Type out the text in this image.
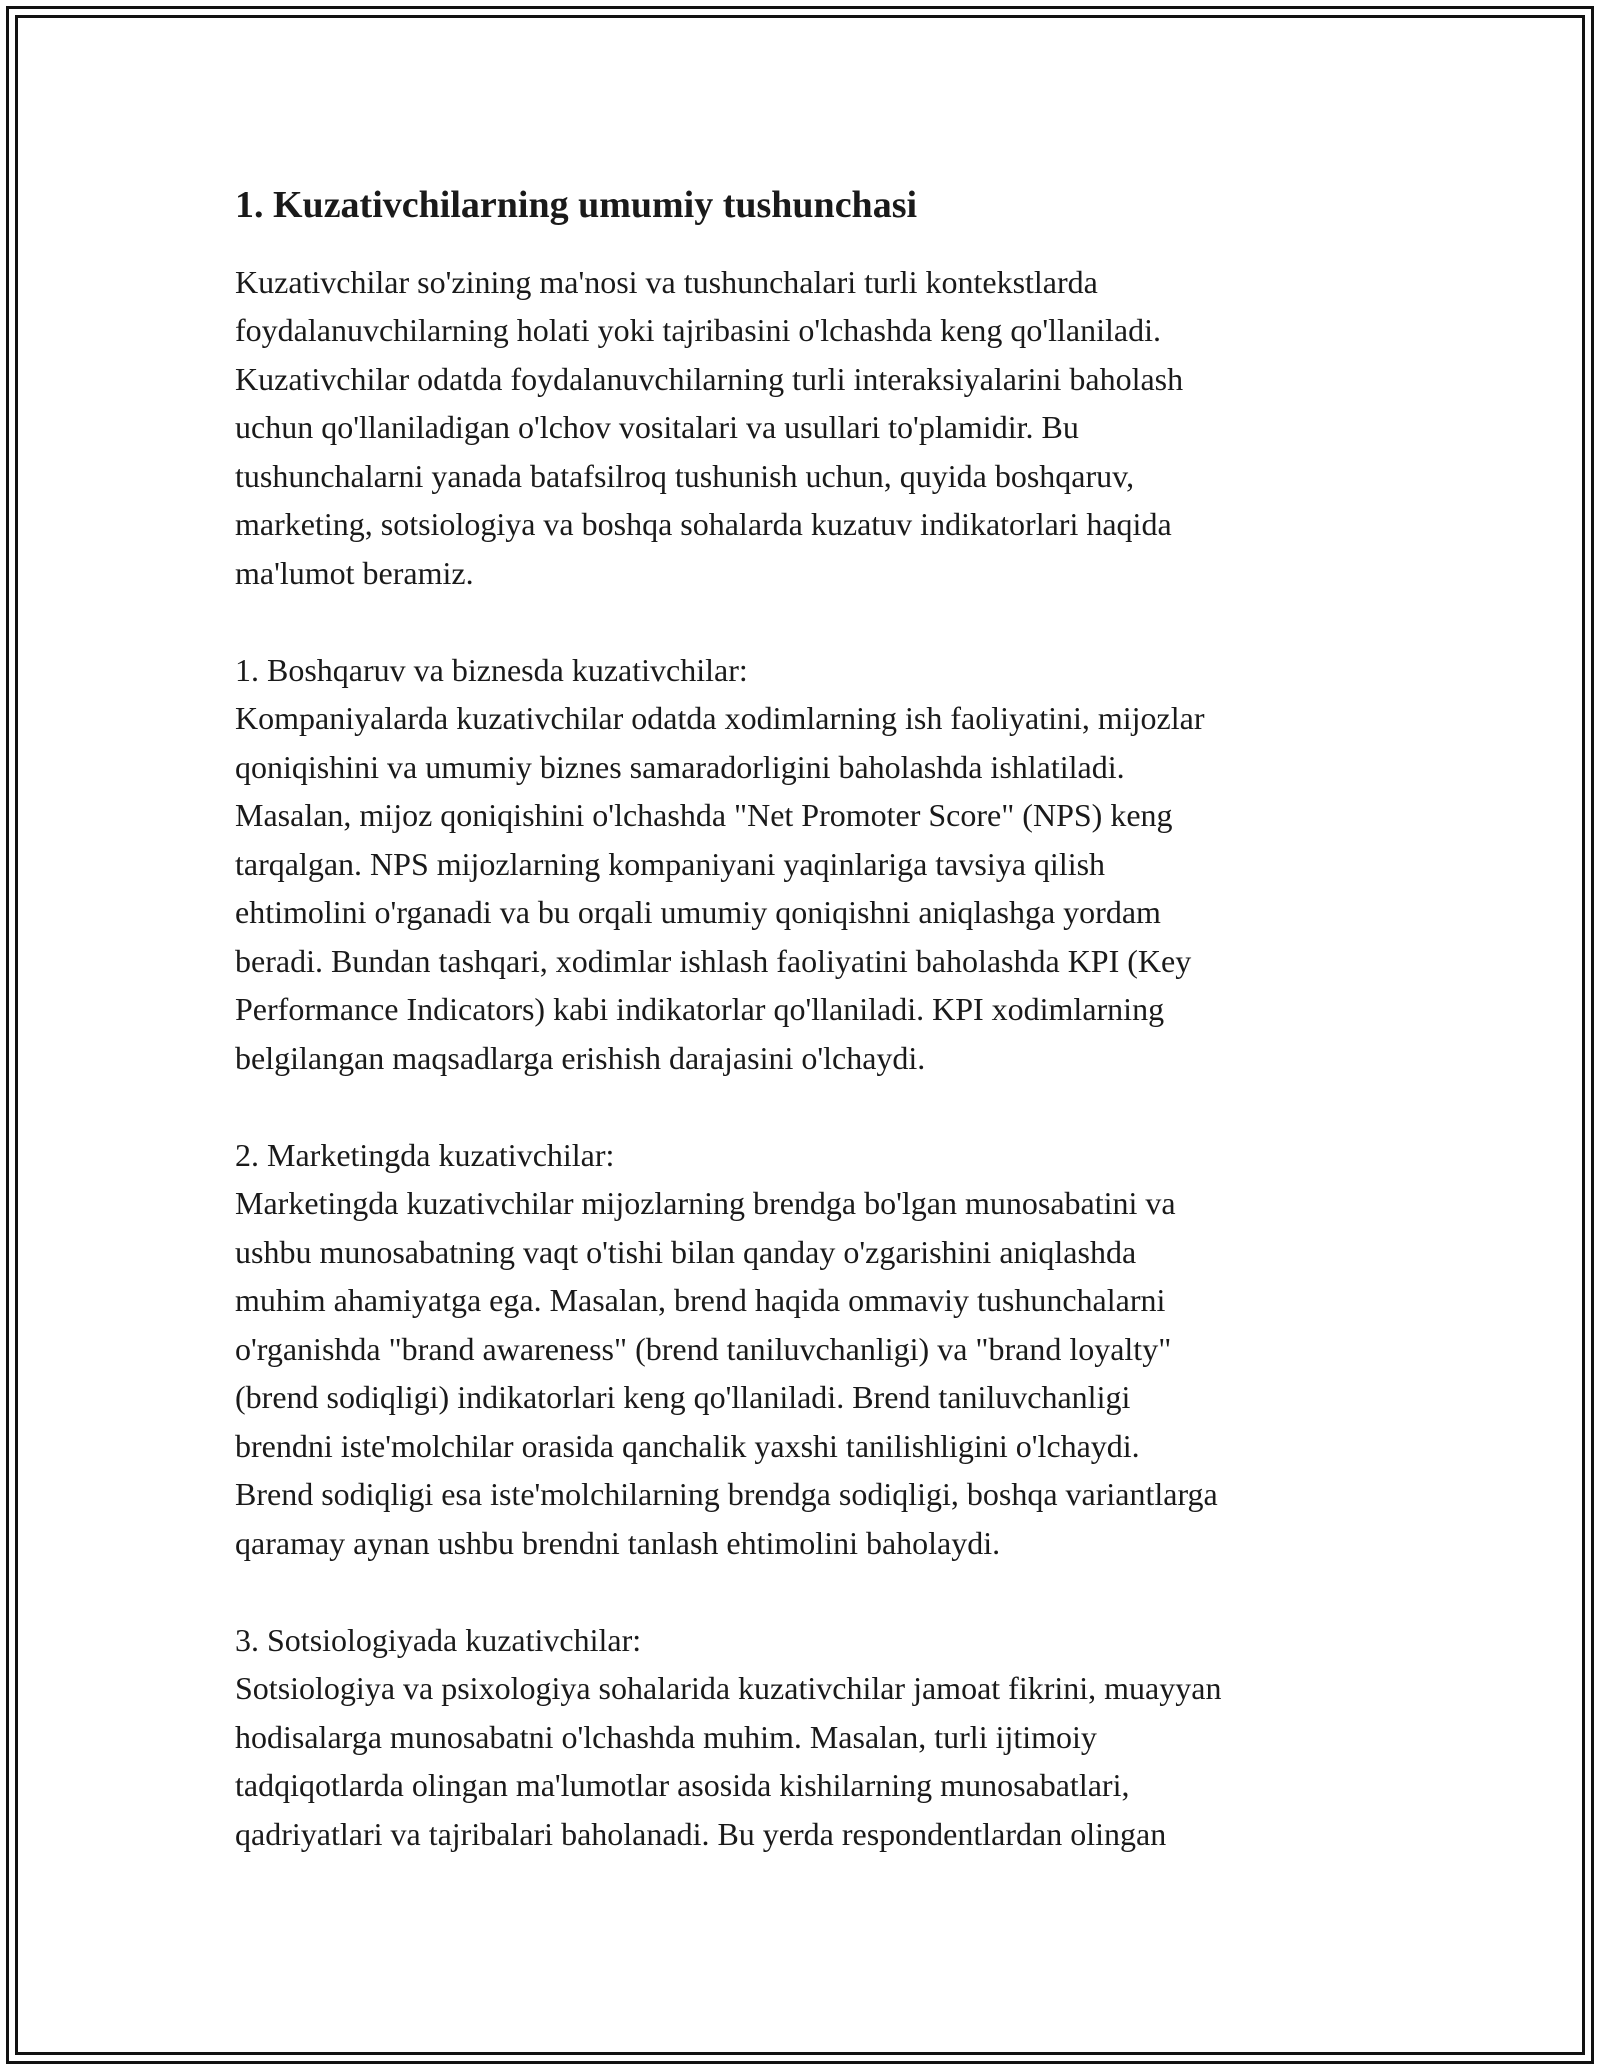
1. Kuzativchilarning umumiy tushunchasi
Kuzativchilar so'zining ma'nosi va tushunchalari turli kontekstlarda
foydalanuvchilarning holati yoki tajribasini o'lchashda keng qo'llaniladi.
Kuzativchilar odatda foydalanuvchilarning turli interaksiyalarini baholash
uchun qo'llaniladigan o'lchov vositalari va usullari to'plamidir. Bu
tushunchalarni yanada batafsilroq tushunish uchun, quyida boshqaruv,
marketing, sotsiologiya va boshqa sohalarda kuzatuv indikatorlari haqida
ma'lumot beramiz.
1. Boshqaruv va biznesda kuzativchilar:
Kompaniyalarda kuzativchilar odatda xodimlarning ish faoliyatini, mijozlar
qoniqishini va umumiy biznes samaradorligini baholashda ishlatiladi.
Masalan, mijoz qoniqishini o'lchashda "Net Promoter Score" (NPS) keng
tarqalgan. NPS mijozlarning kompaniyani yaqinlariga tavsiya qilish
ehtimolini o'rganadi va bu orqali umumiy qoniqishni aniqlashga yordam
beradi. Bundan tashqari, xodimlar ishlash faoliyatini baholashda KPI (Key
Performance Indicators) kabi indikatorlar qo'llaniladi. KPI xodimlarning
belgilangan maqsadlarga erishish darajasini o'lchaydi.
2. Marketingda kuzativchilar:
Marketingda kuzativchilar mijozlarning brendga bo'lgan munosabatini va
ushbu munosabatning vaqt o'tishi bilan qanday o'zgarishini aniqlashda
muhim ahamiyatga ega. Masalan, brend haqida ommaviy tushunchalarni
o'rganishda "brand awareness" (brend taniluvchanligi) va "brand loyalty"
(brend sodiqligi) indikatorlari keng qo'llaniladi. Brend taniluvchanligi
brendni iste'molchilar orasida qanchalik yaxshi tanilishligini o'lchaydi.
Brend sodiqligi esa iste'molchilarning brendga sodiqligi, boshqa variantlarga
qaramay aynan ushbu brendni tanlash ehtimolini baholaydi.
3. Sotsiologiyada kuzativchilar:
Sotsiologiya va psixologiya sohalarida kuzativchilar jamoat fikrini, muayyan
hodisalarga munosabatni o'lchashda muhim. Masalan, turli ijtimoiy
tadqiqotlarda olingan ma'lumotlar asosida kishilarning munosabatlari,
qadriyatlari va tajribalari baholanadi. Bu yerda respondentlardan olingan
